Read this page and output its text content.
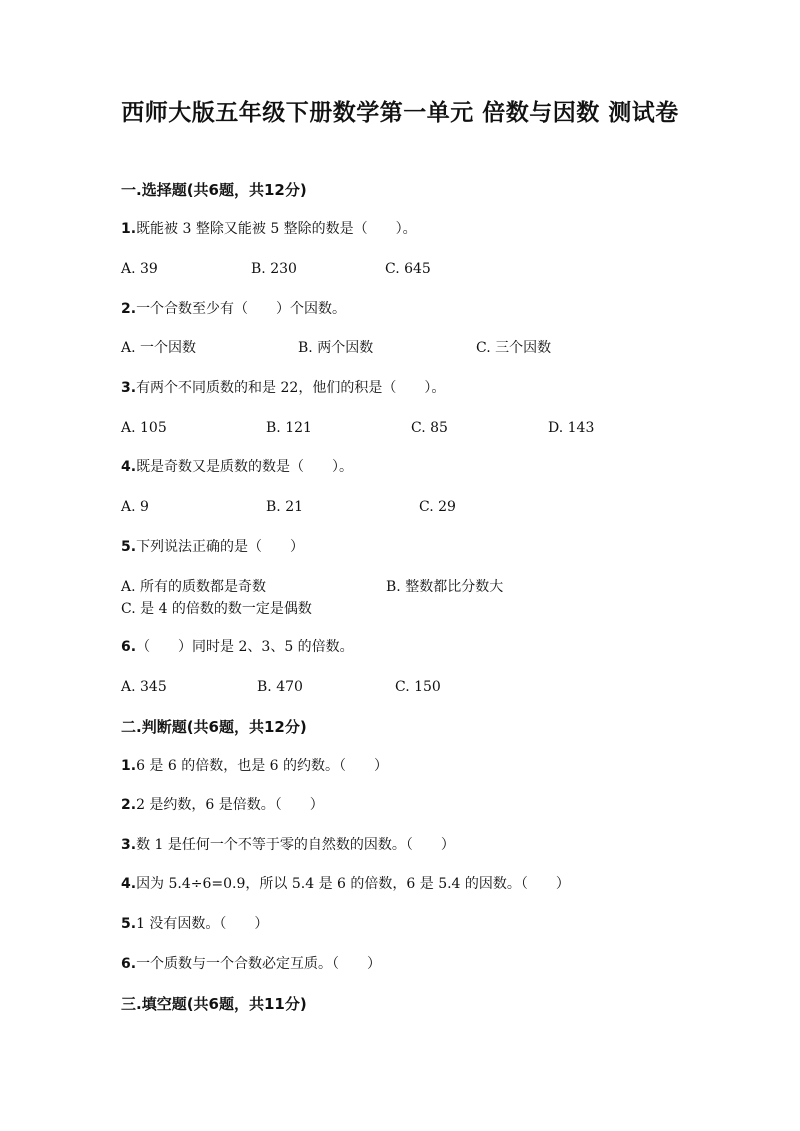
西师大版五年级下册数学第一单元 倍数与因数 测试卷
一.选择题(共6题，共12分)
1.既能被 3 整除又能被 5 整除的数是（　　）。
A. 39	B. 230	C. 645
2.一个合数至少有（　　）个因数。
A. 一个因数	B. 两个因数	C. 三个因数
3.有两个不同质数的和是 22，他们的积是（　　）。
A. 105	B. 121	C. 85	D. 143
4.既是奇数又是质数的数是（　　）。
A. 9	B. 21	C. 29
5.下列说法正确的是（　　）
A. 所有的质数都是奇数	B. 整数都比分数大C. 是 4 的倍数的数一定是偶数
6.（　　）同时是 2、3、5 的倍数。
A. 345	B. 470	C. 150
二.判断题(共6题，共12分)
1.6 是 6 的倍数，也是 6 的约数。（　　）
2.2 是约数，6 是倍数。（　　）
3.数 1 是任何一个不等于零的自然数的因数。（　　）
4.因为 5.4÷6=0.9，所以 5.4 是 6 的倍数，6 是 5.4 的因数。（　　）
5.1 没有因数。（　　）
6.一个质数与一个合数必定互质。（　　）
三.填空题(共6题，共11分)
